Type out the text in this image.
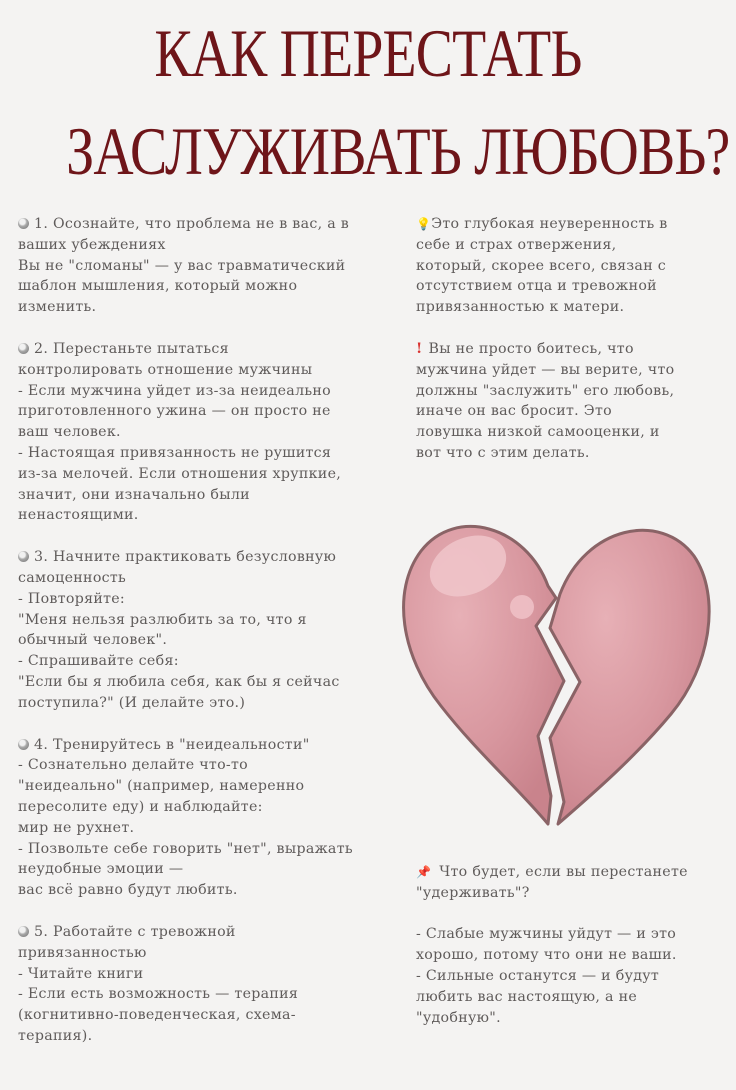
КАК ПЕРЕСТАТЬ
ЗАСЛУЖИВАТЬ ЛЮБОВЬ?

1. Осознайте, что проблема не в вас, а в

ваших убеждениях

Вы не "сломаны" — у вас травматический

шаблон мышления, который можно

изменить.

2. Перестаньте пытаться

контролировать отношение мужчины

- Если мужчина уйдет из-за неидеально

приготовленного ужина — он просто не

ваш человек.

- Настоящая привязанность не рушится

из-за мелочей. Если отношения хрупкие,

значит, они изначально были

ненастоящими.

3. Начните практиковать безусловную

самоценность

- Повторяйте:

"Меня нельзя разлюбить за то, что я

обычный человек".

- Спрашивайте себя:

"Если бы я любила себя, как бы я сейчас

поступила?" (И делайте это.)

4. Тренируйтесь в "неидеальности"

- Сознательно делайте что-то

"неидеально" (например, намеренно

пересолите еду) и наблюдайте:

мир не рухнет.

- Позвольте себе говорить "нет", выражать

неудобные эмоции —

вас всё равно будут любить.

5. Работайте с тревожной

привязанностью

- Читайте книги

- Если есть возможность — терапия

(когнитивно-поведенческая, схема-

терапия).

💡Это глубокая неуверенность в

себе и страх отвержения,

который, скорее всего, связан с

отсутствием отца и тревожной

привязанностью к матери.

! Вы не просто боитесь, что

мужчина уйдет — вы верите, что

должны "заслужить" его любовь,

иначе он вас бросит. Это

ловушка низкой самооценки, и

вот что с этим делать.

📌 Что будет, если вы перестанете

"удерживать"?

- Слабые мужчины уйдут — и это

хорошо, потому что они не ваши.

- Сильные останутся — и будут

любить вас настоящую, а не

"удобную".
